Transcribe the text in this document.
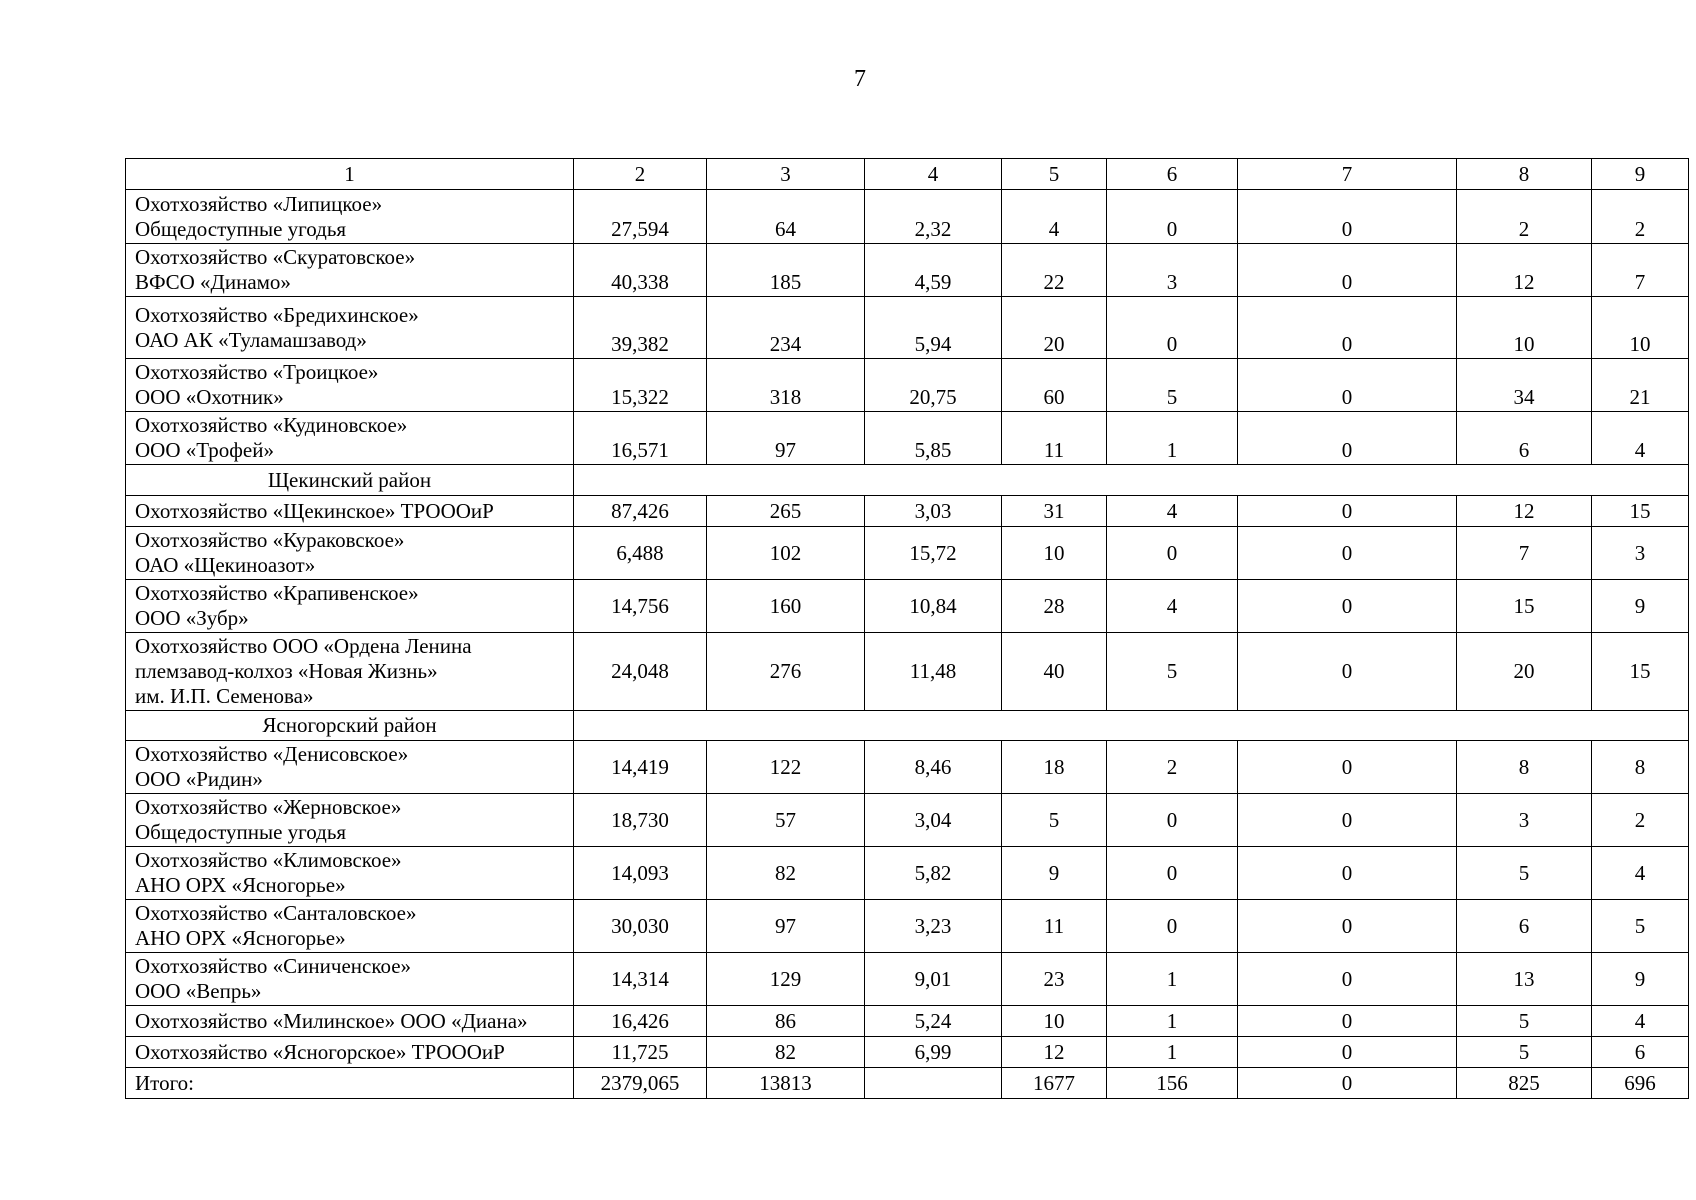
7
1	2	3	4	5	6	7	8	9

Охотхозяйство «Липицкое»
Общедоступные угодья	27,594	64	2,32	4	0	0	2	2

Охотхозяйство «Скуратовское»
ВФСО «Динамо»	40,338	185	4,59	22	3	0	12	7

Охотхозяйство «Бредихинское»
ОАО АК «Туламашзавод»	39,382	234	5,94	20	0	0	10	10

Охотхозяйство «Троицкое»
ООО «Охотник»	15,322	318	20,75	60	5	0	34	21

Охотхозяйство «Кудиновское»
ООО «Трофей»	16,571	97	5,85	11	1	0	6	4
Щекинский район								

Охотхозяйство «Щекинское» ТРОООиР	87,426	265	3,03	31	4	0	12	15

Охотхозяйство «Кураковское»
ОАО «Щекиноазот»	6,488	102	15,72	10	0	0	7	3

Охотхозяйство «Крапивенское»
ООО «Зубр»	14,756	160	10,84	28	4	0	15	9

Охотхозяйство ООО «Ордена Ленина
племзавод-колхоз «Новая Жизнь»
им. И.П. Семенова»	24,048	276	11,48	40	5	0	20	15
Ясногорский район								

Охотхозяйство «Денисовское»
ООО «Ридин»	14,419	122	8,46	18	2	0	8	8

Охотхозяйство «Жерновское»
Общедоступные угодья	18,730	57	3,04	5	0	0	3	2

Охотхозяйство «Климовское»
АНО ОРХ «Ясногорье»	14,093	82	5,82	9	0	0	5	4

Охотхозяйство «Санталовское»
АНО ОРХ «Ясногорье»	30,030	97	3,23	11	0	0	6	5

Охотхозяйство «Синиченское»
ООО «Вепрь»	14,314	129	9,01	23	1	0	13	9

Охотхозяйство «Милинское» ООО «Диана»	16,426	86	5,24	10	1	0	5	4

Охотхозяйство «Ясногорское» ТРОООиР	11,725	82	6,99	12	1	0	5	6

Итого:	2379,065	13813		1677	156	0	825	696
